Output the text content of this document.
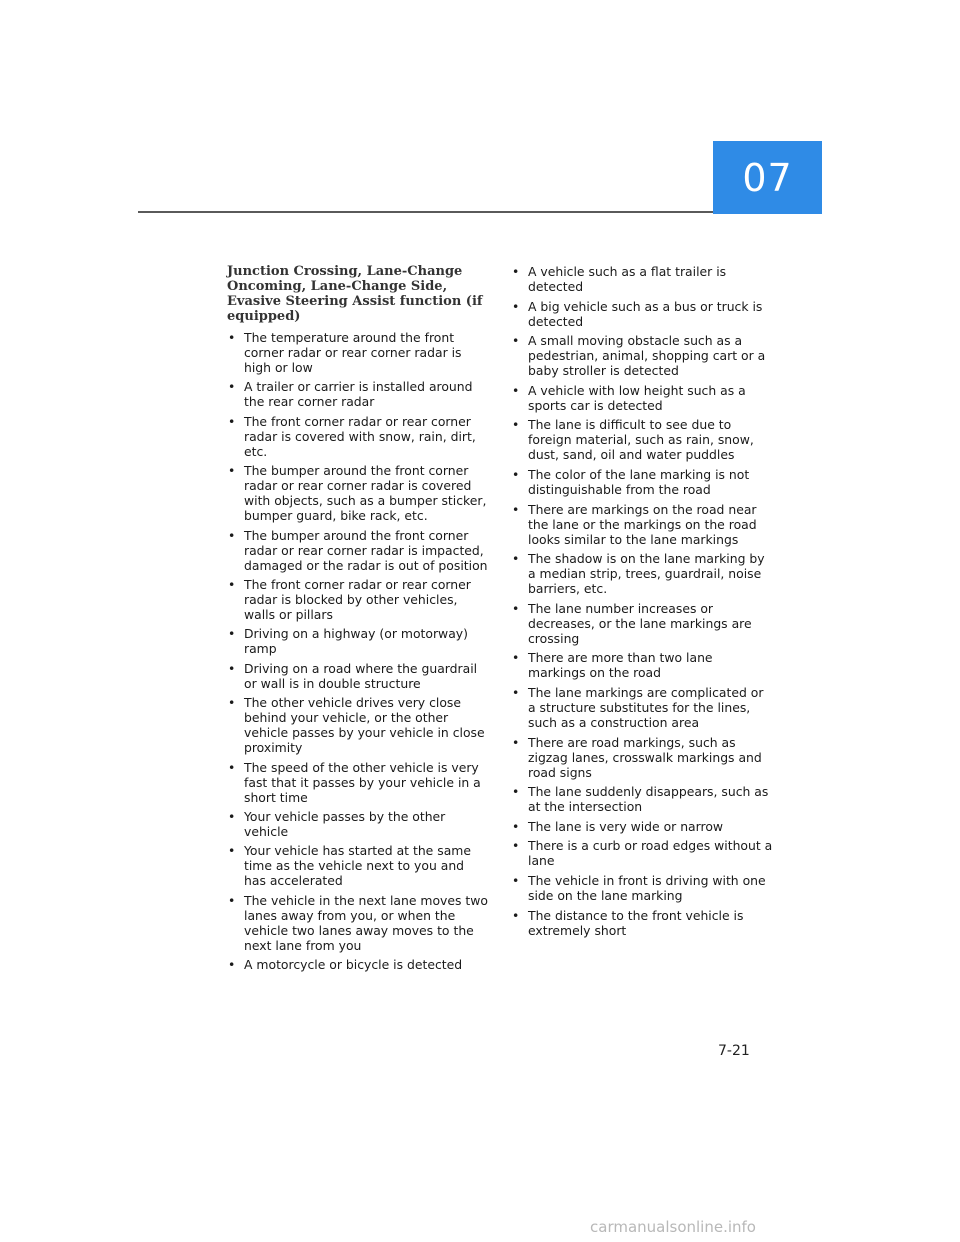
07
Junction Crossing, Lane-Change Oncoming, Lane-Change Side, Evasive Steering Assist function (if equipped)
• The temperature around the front corner radar or rear corner radar is high or low
• A trailer or carrier is installed around the rear corner radar
• The front corner radar or rear corner radar is covered with snow, rain, dirt, etc.
• The bumper around the front corner radar or rear corner radar is covered with objects, such as a bumper sticker, bumper guard, bike rack, etc.
• The bumper around the front corner radar or rear corner radar is impacted, damaged or the radar is out of position
• The front corner radar or rear corner radar is blocked by other vehicles, walls or pillars
• Driving on a highway (or motorway) ramp
• Driving on a road where the guardrail or wall is in double structure
• The other vehicle drives very close behind your vehicle, or the other vehicle passes by your vehicle in close proximity
• The speed of the other vehicle is very fast that it passes by your vehicle in a short time
• Your vehicle passes by the other vehicle
• Your vehicle has started at the same time as the vehicle next to you and has accelerated
• The vehicle in the next lane moves two lanes away from you, or when the vehicle two lanes away moves to the next lane from you
• A motorcycle or bicycle is detected
• A vehicle such as a flat trailer is detected
• A big vehicle such as a bus or truck is detected
• A small moving obstacle such as a pedestrian, animal, shopping cart or a baby stroller is detected
• A vehicle with low height such as a sports car is detected
• The lane is difficult to see due to foreign material, such as rain, snow, dust, sand, oil and water puddles
• The color of the lane marking is not distinguishable from the road
• There are markings on the road near the lane or the markings on the road looks similar to the lane markings
• The shadow is on the lane marking by a median strip, trees, guardrail, noise barriers, etc.
• The lane number increases or decreases, or the lane markings are crossing
• There are more than two lane markings on the road
• The lane markings are complicated or a structure substitutes for the lines, such as a construction area
• There are road markings, such as zigzag lanes, crosswalk markings and road signs
• The lane suddenly disappears, such as at the intersection
• The lane is very wide or narrow
• There is a curb or road edges without a lane
• The vehicle in front is driving with one side on the lane marking
• The distance to the front vehicle is extremely short
7-21
carmanualsonline.info
